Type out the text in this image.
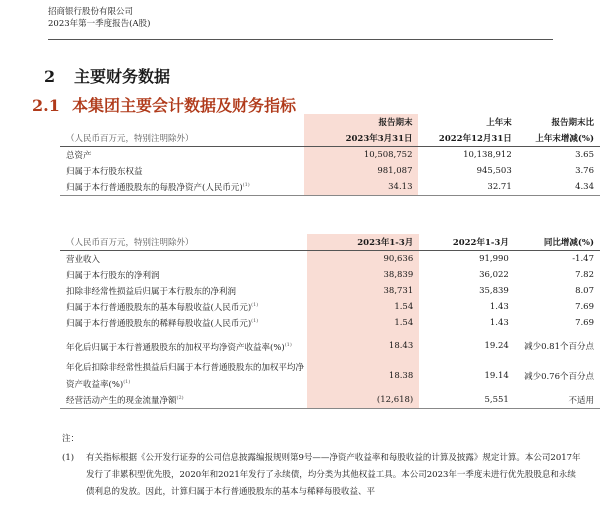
招商银行股份有限公司
2023年第一季度报告(A股)
2 主要财务数据
2.1 本集团主要会计数据及财务指标
	报告期末	上年末	报告期末比
（人民币百万元，特别注明除外）	2023年3月31日	2022年12月31日	上年末增减(%)
总资产	10,508,752	10,138,912	3.65
归属于本行股东权益	981,087	945,503	3.76
归属于本行普通股股东的每股净资产(人民币元)$^{(1)}$	34.13	32.71	4.34
（人民币百万元，特别注明除外）	2023年1-3月	2022年1-3月	同比增减(%)
营业收入	90,636	91,990	-1.47
归属于本行股东的净利润	38,839	36,022	7.82
扣除非经常性损益后归属于本行股东的净利润	38,731	35,839	8.07
归属于本行普通股股东的基本每股收益(人民币元)$^{(1)}$	1.54	1.43	7.69
归属于本行普通股股东的稀释每股收益(人民币元)$^{(1)}$	1.54	1.43	7.69
年化后归属于本行普通股股东的加权平均净资产收益率(%)$^{(1)}$	18.43	19.24	减少0.81个百分点
年化后扣除非经常性损益后归属于本行普通股股东的加权平均净资产收益率(%)$^{(1)}$	18.38	19.14	减少0.76个百分点
经营活动产生的现金流量净额$^{(2)}$	(12,618)	5,551	不适用
注：
(1) 有关指标根据《公开发行证券的公司信息披露编报规则第9号——净资产收益率和每股收益的计算及披露》规定计算。本公司2017年发行了非累积型优先股，2020年和2021年发行了永续债，均分类为其他权益工具。本公司2023年一季度未进行优先股股息和永续债利息的发放。因此，计算归属于本行普通股股东的基本与稀释每股收益、平
